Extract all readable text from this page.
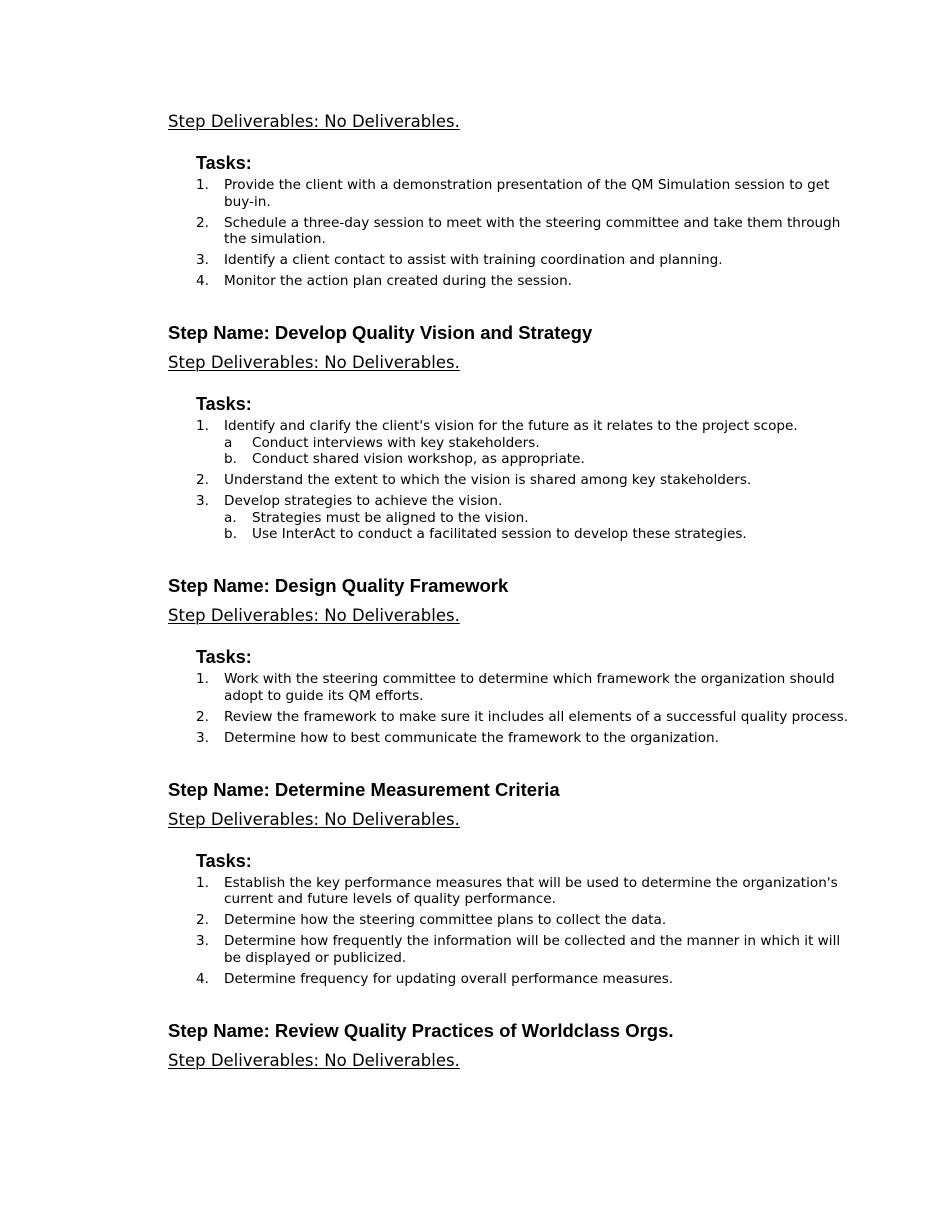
Step Deliverables: No Deliverables.
Tasks:
1. Provide the client with a demonstration presentation of the QM Simulation session to get buy-in.
2. Schedule a three-day session to meet with the steering committee and take them through the simulation.
3. Identify a client contact to assist with training coordination and planning.
4. Monitor the action plan created during the session.
Step Name: Develop Quality Vision and Strategy
Step Deliverables: No Deliverables.
Tasks:
1. Identify and clarify the client's vision for the future as it relates to the project scope.
a Conduct interviews with key stakeholders.
b. Conduct shared vision workshop, as appropriate.
2. Understand the extent to which the vision is shared among key stakeholders.
3. Develop strategies to achieve the vision.
a. Strategies must be aligned to the vision.
b. Use InterAct to conduct a facilitated session to develop these strategies.
Step Name: Design Quality Framework
Step Deliverables: No Deliverables.
Tasks:
1. Work with the steering committee to determine which framework the organization should adopt to guide its QM efforts.
2. Review the framework to make sure it includes all elements of a successful quality process.
3. Determine how to best communicate the framework to the organization.
Step Name: Determine Measurement Criteria
Step Deliverables: No Deliverables.
Tasks:
1. Establish the key performance measures that will be used to determine the organization's current and future levels of quality performance.
2. Determine how the steering committee plans to collect the data.
3. Determine how frequently the information will be collected and the manner in which it will be displayed or publicized.
4. Determine frequency for updating overall performance measures.
Step Name: Review Quality Practices of Worldclass Orgs.
Step Deliverables: No Deliverables.
